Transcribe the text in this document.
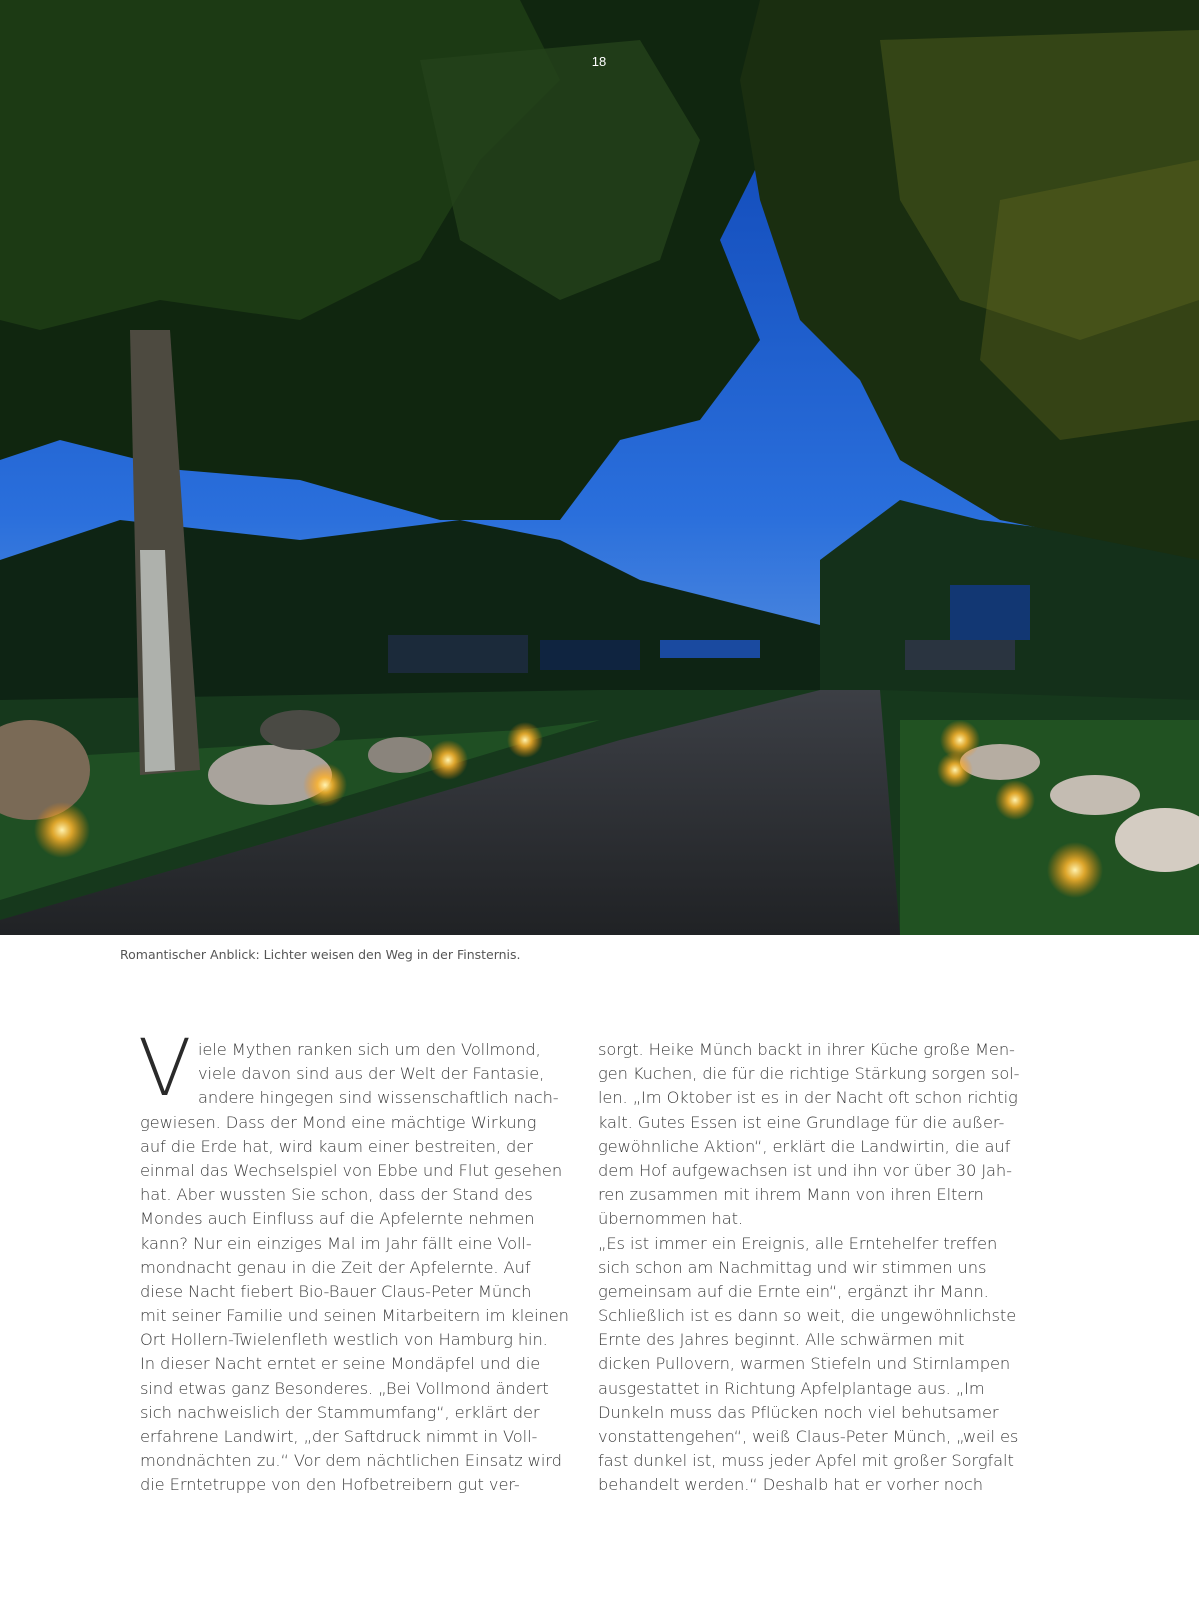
18
Romantischer Anblick: Lichter weisen den Weg in der Finsternis.
V iele Mythen ranken sich um den Vollmond,
viele davon sind aus der Welt der Fantasie,
andere hingegen sind wissenschaftlich nach-
gewiesen. Dass der Mond eine mächtige Wirkung
auf die Erde hat, wird kaum einer bestreiten, der
einmal das Wechselspiel von Ebbe und Flut gesehen
hat. Aber wussten Sie schon, dass der Stand des
Mondes auch Einfluss auf die Apfelernte nehmen
kann? Nur ein einziges Mal im Jahr fällt eine Voll-
mondnacht genau in die Zeit der Apfelernte. Auf
diese Nacht fiebert Bio-Bauer Claus-Peter Münch
mit seiner Familie und seinen Mitarbeitern im kleinen
Ort Hollern-Twielenfleth westlich von Hamburg hin.
In dieser Nacht erntet er seine Mondäpfel und die
sind etwas ganz Besonderes. „Bei Vollmond ändert
sich nachweislich der Stammumfang“, erklärt der
erfahrene Landwirt, „der Saftdruck nimmt in Voll-
mondnächten zu.“ Vor dem nächtlichen Einsatz wird
die Erntetruppe von den Hofbetreibern gut ver-
sorgt. Heike Münch backt in ihrer Küche große Men-
gen Kuchen, die für die richtige Stärkung sorgen sol-
len. „Im Oktober ist es in der Nacht oft schon richtig
kalt. Gutes Essen ist eine Grundlage für die außer-
gewöhnliche Aktion“, erklärt die Landwirtin, die auf
dem Hof aufgewachsen ist und ihn vor über 30 Jah-
ren zusammen mit ihrem Mann von ihren Eltern
übernommen hat.
„Es ist immer ein Ereignis, alle Erntehelfer treffen
sich schon am Nachmittag und wir stimmen uns
gemeinsam auf die Ernte ein“, ergänzt ihr Mann.
Schließlich ist es dann so weit, die ungewöhnlichste
Ernte des Jahres beginnt. Alle schwärmen mit
dicken Pullovern, warmen Stiefeln und Stirnlampen
ausgestattet in Richtung Apfelplantage aus. „Im
Dunkeln muss das Pflücken noch viel behutsamer
vonstattengehen“, weiß Claus-Peter Münch, „weil es
fast dunkel ist, muss jeder Apfel mit großer Sorgfalt
behandelt werden.“ Deshalb hat er vorher noch
